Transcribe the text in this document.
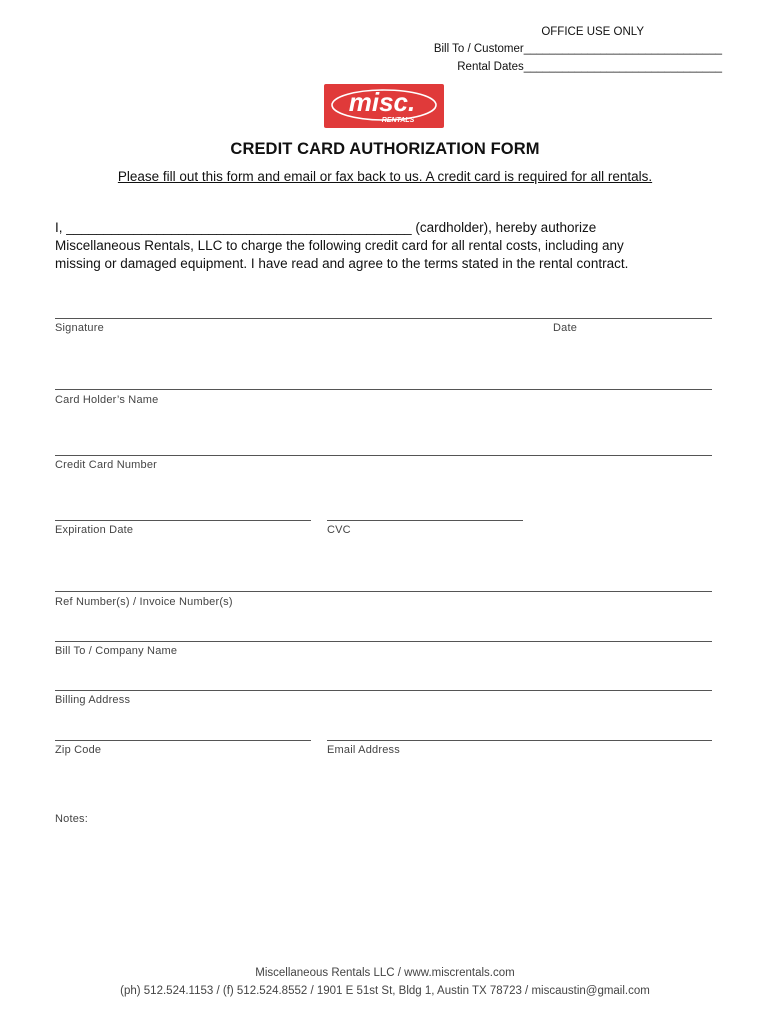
OFFICE USE ONLY
Bill To / Customer_______________________________
Rental Dates_______________________________
misc.
RENTALS
CREDIT CARD AUTHORIZATION FORM
Please fill out this form and email or fax back to us. A credit card is required for all rentals.
I, ______________________________________________ (cardholder), hereby authorize
Miscellaneous Rentals, LLC to charge the following credit card for all rental costs, including any
missing or damaged equipment. I have read and agree to the terms stated in the rental contract.
Signature	Date
Card Holder’s Name
Credit Card Number
Expiration Date	CVC
Ref Number(s) / Invoice Number(s)
Bill To / Company Name
Billing Address
Zip Code	Email Address
Notes:
Miscellaneous Rentals LLC / www.miscrentals.com
(ph) 512.524.1153 / (f) 512.524.8552 / 1901 E 51st St, Bldg 1, Austin TX 78723 / miscaustin@gmail.com
